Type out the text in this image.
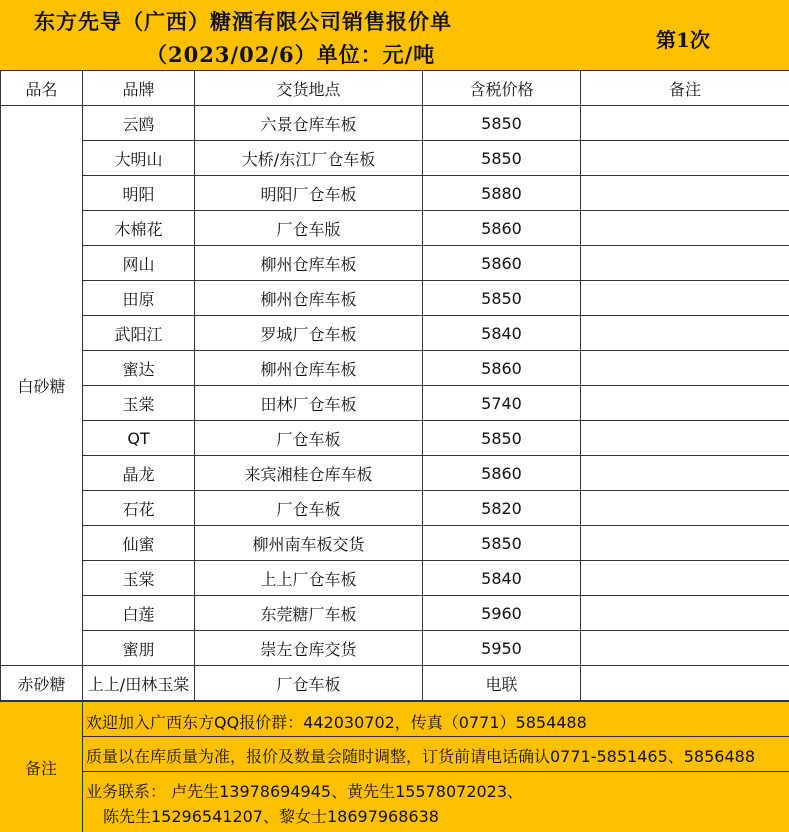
东方先导（广西）糖酒有限公司销售报价单
（2023/02/6）单位：元/吨
第1次
品名	品牌	交货地点	含税价格	备注
白砂糖	云鸥	六景仓库车板	5850	
	大明山	大桥/东江厂仓车板	5850	
	明阳	明阳厂仓车板	5880	
	木棉花	厂仓车版	5860	
	网山	柳州仓库车板	5860	
	田原	柳州仓库车板	5850	
	武阳江	罗城厂仓车板	5840	
	蜜达	柳州仓库车板	5860	
	玉棠	田林厂仓车板	5740	
	QT	厂仓车板	5850	
	晶龙	来宾湘桂仓库车板	5860	
	石花	厂仓车板	5820	
	仙蜜	柳州南车板交货	5850	
	玉棠	上上厂仓车板	5840	
	白莲	东莞糖厂车板	5960	
	蜜朋	崇左仓库交货	5950	
赤砂糖	上上/田林玉棠	厂仓车板	电联	
备注
欢迎加入广西东方QQ报价群：442030702，传真（0771）5854488
质量以在库质量为准，报价及数量会随时调整，订货前请电话确认0771-5851465、5856488
业务联系： 卢先生13978694945、黄先生15578072023、
陈先生15296541207、黎女士18697968638
